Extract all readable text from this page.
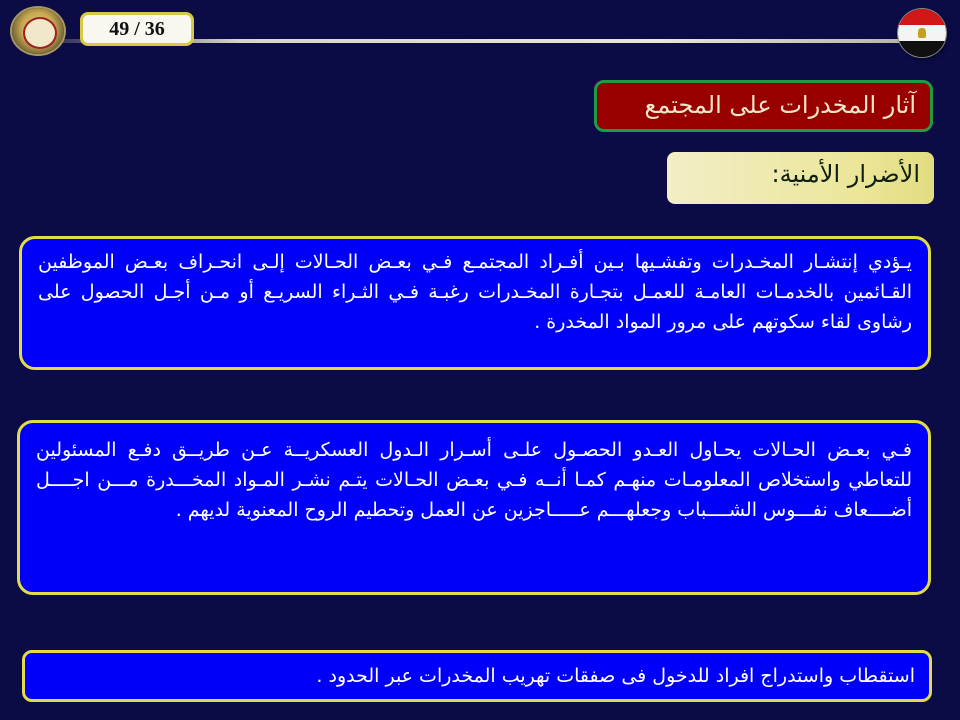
49 / 36
آثار المخدرات على المجتمع
الأضرار الأمنية:
يـؤدي إنتشـار المخـدرات وتفشـيها بـين أفـراد المجتمـع فـي بعـض الحـالات إلـى انحـراف بعـض الموظفين القـائمين بالخدمـات العامـة للعمـل بتجـارة المخـدرات رغبـة فـي الثـراء السريـع أو مـن أجـل الحصول على رشاوى لقاء سكوتهم على مرور المواد المخدرة .
فـي بعـض الحـالات يحـاول العـدو الحصـول علـى أسـرار الـدول العسكريــة عـن طريــق دفـع المسئولين للتعاطي واستخلاص المعلومـات منهـم كمـا أنــه فـي بعـض الحـالات يتـم نشـر المـواد المخـــدرة مـــن اجــــل أضــــعاف نفـــوس الشــــباب وجعلهـــم عـــــاجزين عن العمل وتحطيم الروح المعنوية لديهم .
استقطاب واستدراج افراد للدخول فى صفقات تهريب المخدرات عبر الحدود .
